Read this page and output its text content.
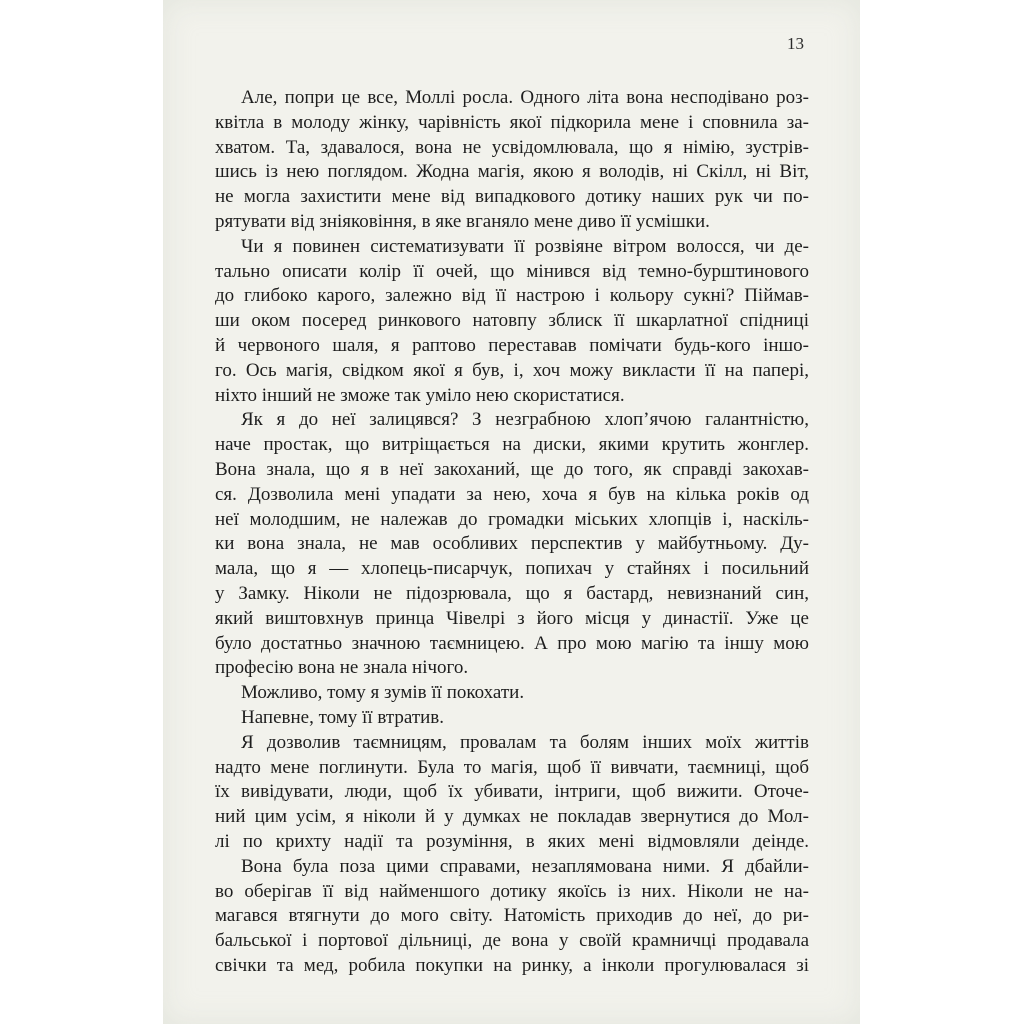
13
Але, попри це все, Моллі росла. Одного літа вона несподівано роз-
квітла в молоду жінку, чарівність якої підкорила мене і сповнила за-
хватом. Та, здавалося, вона не усвідомлювала, що я німію, зустрів-
шись із нею поглядом. Жодна магія, якою я володів, ні Скілл, ні Віт,
не могла захистити мене від випадкового дотику наших рук чи по-
рятувати від зніяковіння, в яке вганяло мене диво її усмішки.
Чи я повинен систематизувати її розвіяне вітром волосся, чи де-
тально описати колір її очей, що мінився від темно-бурштинового
до глибоко карого, залежно від її настрою і кольору сукні? Піймав-
ши оком посеред ринкового натовпу зблиск її шкарлатної спідниці
й червоного шаля, я раптово переставав помічати будь-кого іншо-
го. Ось магія, свідком якої я був, і, хоч можу викласти її на папері,
ніхто інший не зможе так уміло нею скористатися.
Як я до неї залицявся? З незграбною хлоп’ячою галантністю,
наче простак, що витріщається на диски, якими крутить жонглер.
Вона знала, що я в неї закоханий, ще до того, як справді закохав-
ся. Дозволила мені упадати за нею, хоча я був на кілька років од
неї молодшим, не належав до громадки міських хлопців і, наскіль-
ки вона знала, не мав особливих перспектив у майбутньому. Ду-
мала, що я — хлопець-писарчук, попихач у стайнях і посильний
у Замку. Ніколи не підозрювала, що я бастард, невизнаний син,
який виштовхнув принца Чівелрі з його місця у династії. Уже це
було достатньо значною таємницею. А про мою магію та іншу мою
професію вона не знала нічого.
Можливо, тому я зумів її покохати.
Напевне, тому її втратив.
Я дозволив таємницям, провалам та болям інших моїх життів
надто мене поглинути. Була то магія, щоб її вивчати, таємниці, щоб
їх вивідувати, люди, щоб їх убивати, інтриги, щоб вижити. Оточе-
ний цим усім, я ніколи й у думках не покладав звернутися до Мол-
лі по крихту надії та розуміння, в яких мені відмовляли деінде.
Вона була поза цими справами, незаплямована ними. Я дбайли-
во оберігав її від найменшого дотику якоїсь із них. Ніколи не на-
магався втягнути до мого світу. Натомість приходив до неї, до ри-
бальської і портової дільниці, де вона у своїй крамничці продавала
свічки та мед, робила покупки на ринку, а інколи прогулювалася зі
